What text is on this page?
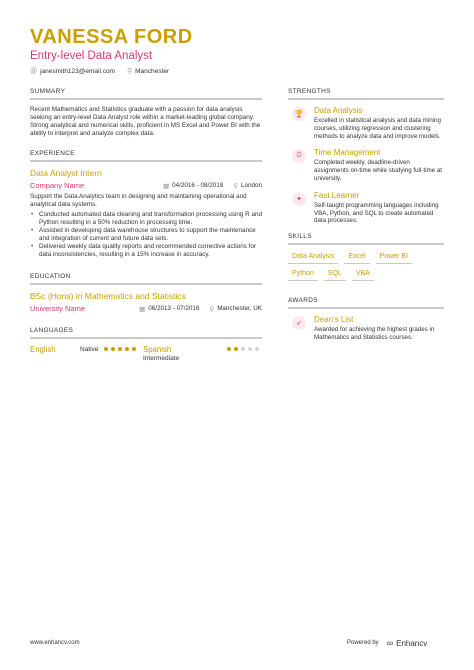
VANESSA FORD
Entry-level Data Analyst
@ janesmith123@email.com ⚲ Manchester
SUMMARY
Recent Mathematics and Statistics graduate with a passion for data analysis seeking an entry-level Data Analyst role within a market-leading global company. Strong analytical and numerical skills, proficient in MS Excel and Power BI with the ability to interpret and analyze complex data.
EXPERIENCE
Data Analyst Intern
Company Name	▦ 04/2016 - 08/2018 ⚲ London
Support the Data Analytics team in designing and maintaining operational and analytical data systems.
• Conducted automated data cleaning and transformation processing using R and Python resulting in a 50% reduction in processing time.
• Assisted in developing data warehouse structures to support the maintenance and integration of current and future data sets.
• Delivered weekly data quality reports and recommended corrective actions for data inconsistencies, resulting in a 15% increase in accuracy.
EDUCATION
BSc (Hons) in Mathematics and Statistics
University Name	▦ 06/2013 - 07/2016 ⚲ Manchester, UK
LANGUAGES
English	Native	Spanish
Intermediate
STRENGTHS
🏆	Data Analysis
Excelled in statistical analysis and data mining courses, utilizing regression and clustering methods to analyze data and improve models.
⏱	Time Management
Completed weekly, deadline-driven assignments on-time while studying full-time at university.
✦	Fast Learner
Self-taught programming languages including VBA, Python, and SQL to create automated data processes.
SKILLS
Data Analysis	Excel	Power BI
Python	SQL	VBA
AWARDS
➶	Dean's List
Awarded for achieving the highest grades in Mathematics and Statistics courses.
www.enhancv.com	Powered by ∞ Enhancv
